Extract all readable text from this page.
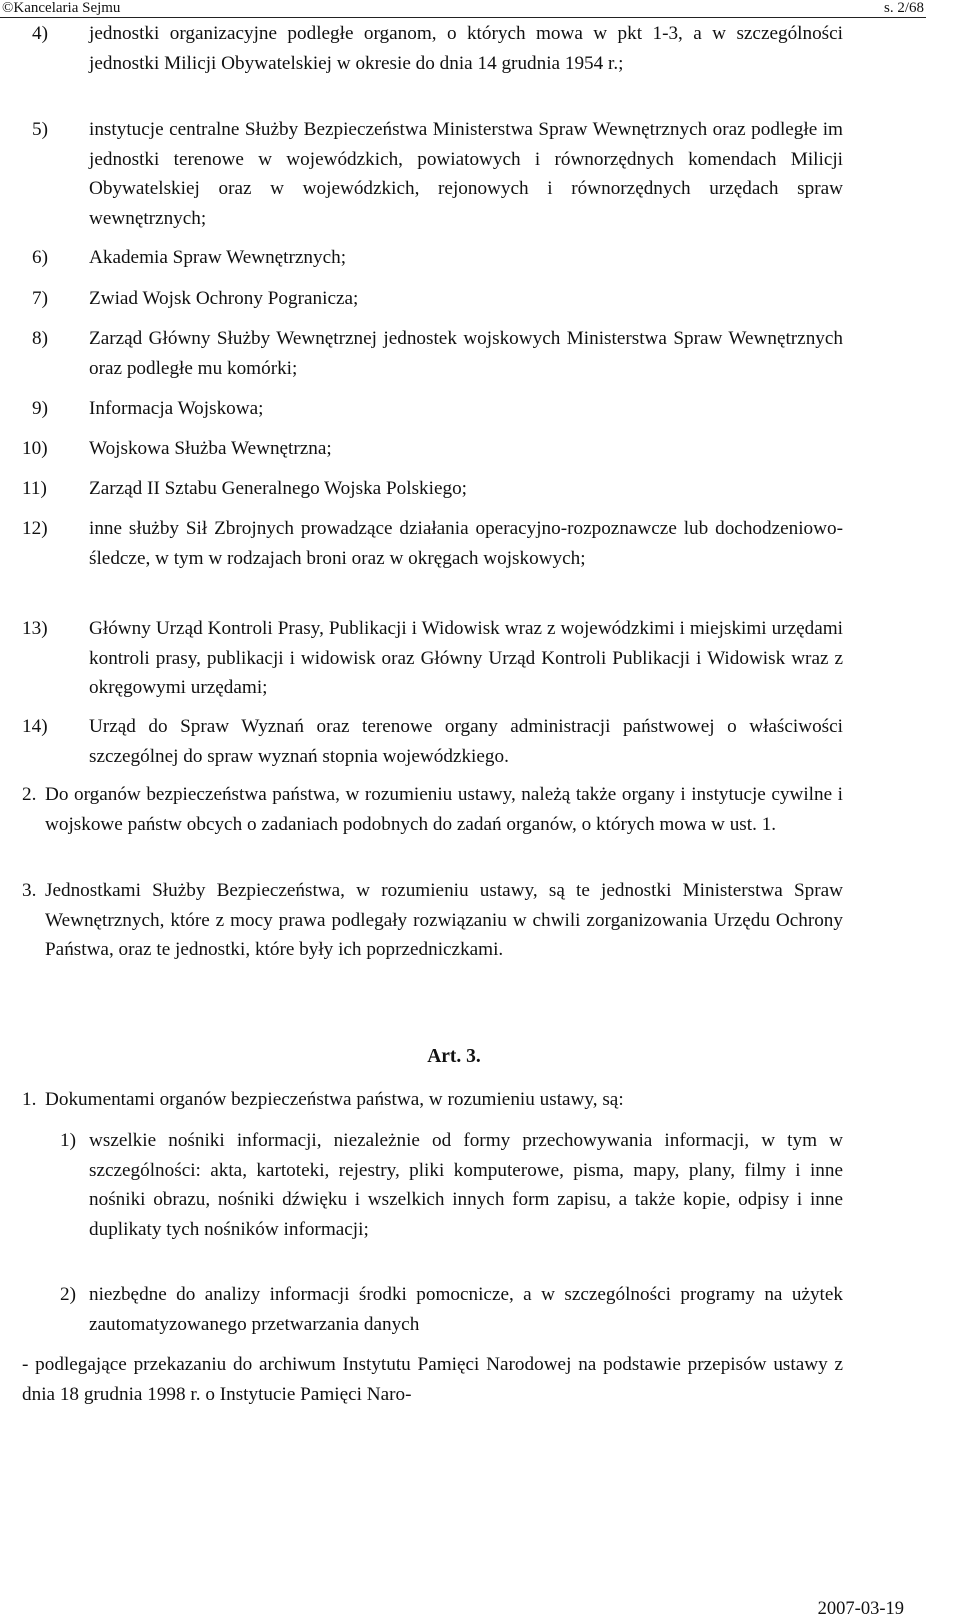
©Kancelaria Sejmu	s. 2/68
4) jednostki organizacyjne podległe organom, o których mowa w pkt 1-3, a w szczególności jednostki Milicji Obywatelskiej w okresie do dnia 14 grudnia 1954 r.;
5) instytucje centralne Służby Bezpieczeństwa Ministerstwa Spraw Wewnętrznych oraz podległe im jednostki terenowe w wojewódzkich, powiatowych i równorzędnych komendach Milicji Obywatelskiej oraz w wojewódzkich, rejonowych i równorzędnych urzędach spraw wewnętrznych;
6) Akademia Spraw Wewnętrznych;
7) Zwiad Wojsk Ochrony Pogranicza;
8) Zarząd Główny Służby Wewnętrznej jednostek wojskowych Ministerstwa Spraw Wewnętrznych oraz podległe mu komórki;
9) Informacja Wojskowa;
10) Wojskowa Służba Wewnętrzna;
11) Zarząd II Sztabu Generalnego Wojska Polskiego;
12) inne służby Sił Zbrojnych prowadzące działania operacyjno-rozpoznawcze lub dochodzeniowo-śledcze, w tym w rodzajach broni oraz w okręgach wojskowych;
13) Główny Urząd Kontroli Prasy, Publikacji i Widowisk wraz z wojewódzkimi i miejskimi urzędami kontroli prasy, publikacji i widowisk oraz Główny Urząd Kontroli Publikacji i Widowisk wraz z okręgowymi urzędami;
14) Urząd do Spraw Wyznań oraz terenowe organy administracji państwowej o właściwości szczególnej do spraw wyznań stopnia wojewódzkiego.
2. Do organów bezpieczeństwa państwa, w rozumieniu ustawy, należą także organy i instytucje cywilne i wojskowe państw obcych o zadaniach podobnych do zadań organów, o których mowa w ust. 1.
3. Jednostkami Służby Bezpieczeństwa, w rozumieniu ustawy, są te jednostki Ministerstwa Spraw Wewnętrznych, które z mocy prawa podlegały rozwiązaniu w chwili zorganizowania Urzędu Ochrony Państwa, oraz te jednostki, które były ich poprzedniczkami.
Art. 3.
1. Dokumentami organów bezpieczeństwa państwa, w rozumieniu ustawy, są:
1) wszelkie nośniki informacji, niezależnie od formy przechowywania informacji, w tym w szczególności: akta, kartoteki, rejestry, pliki komputerowe, pisma, mapy, plany, filmy i inne nośniki obrazu, nośniki dźwięku i wszelkich innych form zapisu, a także kopie, odpisy i inne duplikaty tych nośników informacji;
2) niezbędne do analizy informacji środki pomocnicze, a w szczególności programy na użytek zautomatyzowanego przetwarzania danych
- podlegające przekazaniu do archiwum Instytutu Pamięci Narodowej na podstawie przepisów ustawy z dnia 18 grudnia 1998 r. o Instytucie Pamięci Naro-
2007-03-19
